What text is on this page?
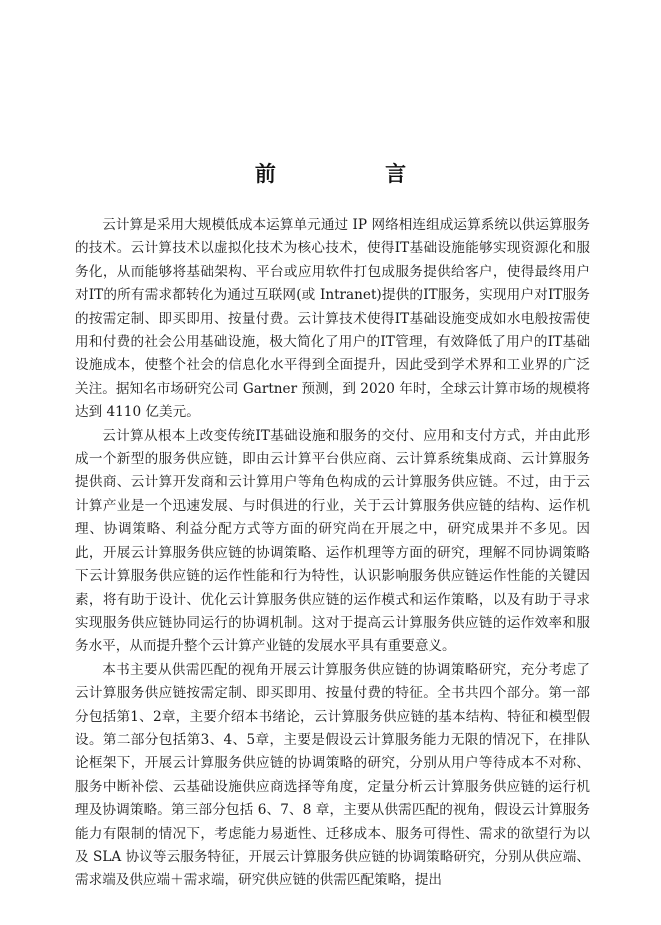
前　言

云计算是采用大规模低成本运算单元通过 IP 网络相连组成运算系统以供运算服务的技术。云计算技术以虚拟化技术为核心技术，使得IT基础设施能够实现资源化和服务化，从而能够将基础架构、平台或应用软件打包成服务提供给客户，使得最终用户对IT的所有需求都转化为通过互联网(或 Intranet)提供的IT服务，实现用户对IT服务的按需定制、即买即用、按量付费。云计算技术使得IT基础设施变成如水电般按需使用和付费的社会公用基础设施，极大简化了用户的IT管理，有效降低了用户的IT基础设施成本，使整个社会的信息化水平得到全面提升，因此受到学术界和工业界的广泛关注。据知名市场研究公司 Gartner 预测，到 2020 年时，全球云计算市场的规模将达到 4110 亿美元。

云计算从根本上改变传统IT基础设施和服务的交付、应用和支付方式，并由此形成一个新型的服务供应链，即由云计算平台供应商、云计算系统集成商、云计算服务提供商、云计算开发商和云计算用户等角色构成的云计算服务供应链。不过，由于云计算产业是一个迅速发展、与时俱进的行业，关于云计算服务供应链的结构、运作机理、协调策略、利益分配方式等方面的研究尚在开展之中，研究成果并不多见。因此，开展云计算服务供应链的协调策略、运作机理等方面的研究，理解不同协调策略下云计算服务供应链的运作性能和行为特性，认识影响服务供应链运作性能的关键因素，将有助于设计、优化云计算服务供应链的运作模式和运作策略，以及有助于寻求实现服务供应链协同运行的协调机制。这对于提高云计算服务供应链的运作效率和服务水平，从而提升整个云计算产业链的发展水平具有重要意义。

本书主要从供需匹配的视角开展云计算服务供应链的协调策略研究，充分考虑了云计算服务供应链按需定制、即买即用、按量付费的特征。全书共四个部分。第一部分包括第1、2章，主要介绍本书绪论，云计算服务供应链的基本结构、特征和模型假设。第二部分包括第3、4、5章，主要是假设云计算服务能力无限的情况下，在排队论框架下，开展云计算服务供应链的协调策略的研究，分别从用户等待成本不对称、服务中断补偿、云基础设施供应商选择等角度，定量分析云计算服务供应链的运行机理及协调策略。第三部分包括 6、7、8 章，主要从供需匹配的视角，假设云计算服务能力有限制的情况下，考虑能力易逝性、迁移成本、服务可得性、需求的欲望行为以及 SLA 协议等云服务特征，开展云计算服务供应链的协调策略研究，分别从供应端、需求端及供应端＋需求端，研究供应链的供需匹配策略，提出
